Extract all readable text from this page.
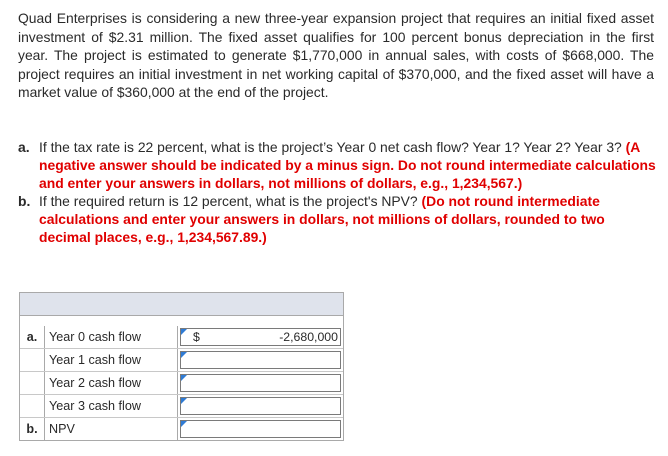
Quad Enterprises is considering a new three-year expansion project that requires an initial fixed asset investment of $2.31 million. The fixed asset qualifies for 100 percent bonus depreciation in the first year. The project is estimated to generate $1,770,000 in annual sales, with costs of $668,000. The project requires an initial investment in net working capital of $370,000, and the fixed asset will have a market value of $360,000 at the end of the project.
a. If the tax rate is 22 percent, what is the project’s Year 0 net cash flow? Year 1? Year 2? Year 3? (A negative answer should be indicated by a minus sign. Do not round intermediate calculations and enter your answers in dollars, not millions of dollars, e.g., 1,234,567.)
b. If the required return is 12 percent, what is the project's NPV? (Do not round intermediate calculations and enter your answers in dollars, not millions of dollars, rounded to two decimal places, e.g., 1,234,567.89.)
a. Year 0 cash flow	$	-2,680,000
Year 1 cash flow
Year 2 cash flow
Year 3 cash flow
b. NPV
